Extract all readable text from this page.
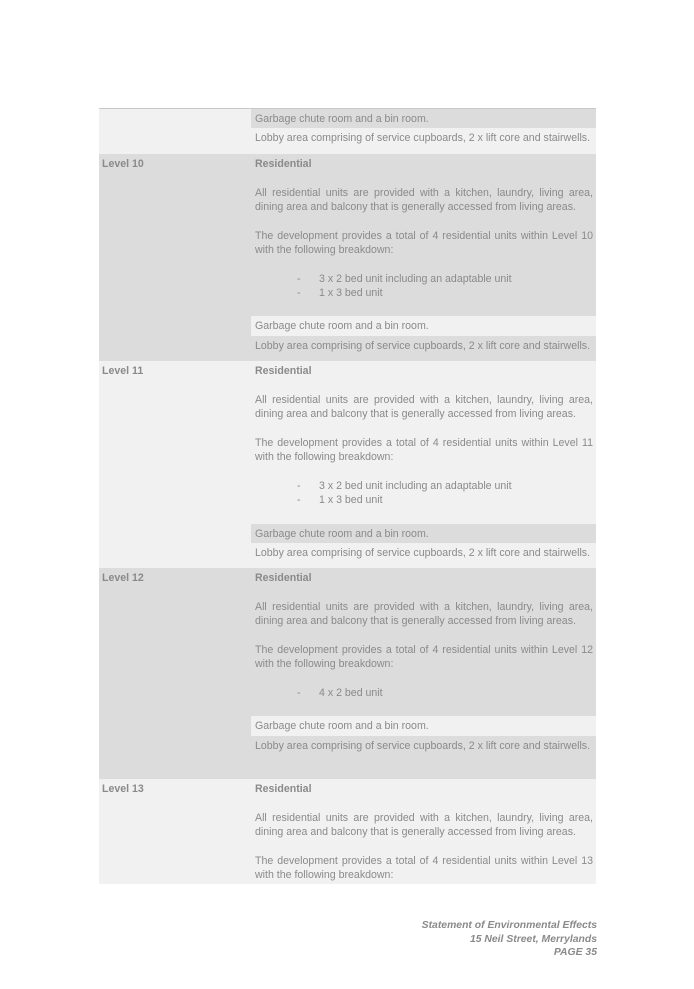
Garbage chute room and a bin room.
Lobby area comprising of service cupboards, 2 x lift core and stairwells.
Level 10	Residential
All residential units are provided with a kitchen, laundry, living area, dining area and balcony that is generally accessed from living areas.
The development provides a total of 4 residential units within Level 10 with the following breakdown:
- 3 x 2 bed unit including an adaptable unit
- 1 x 3 bed unit
Garbage chute room and a bin room.
Lobby area comprising of service cupboards, 2 x lift core and stairwells.
Level 11	Residential
All residential units are provided with a kitchen, laundry, living area, dining area and balcony that is generally accessed from living areas.
The development provides a total of 4 residential units within Level 11 with the following breakdown:
- 3 x 2 bed unit including an adaptable unit
- 1 x 3 bed unit
Garbage chute room and a bin room.
Lobby area comprising of service cupboards, 2 x lift core and stairwells.
Level 12	Residential
All residential units are provided with a kitchen, laundry, living area, dining area and balcony that is generally accessed from living areas.
The development provides a total of 4 residential units within Level 12 with the following breakdown:
- 4 x 2 bed unit
Garbage chute room and a bin room.
Lobby area comprising of service cupboards, 2 x lift core and stairwells.
Level 13	Residential
All residential units are provided with a kitchen, laundry, living area, dining area and balcony that is generally accessed from living areas.
The development provides a total of 4 residential units within Level 13 with the following breakdown:
Statement of Environmental Effects
15 Neil Street, Merrylands
PAGE 35
